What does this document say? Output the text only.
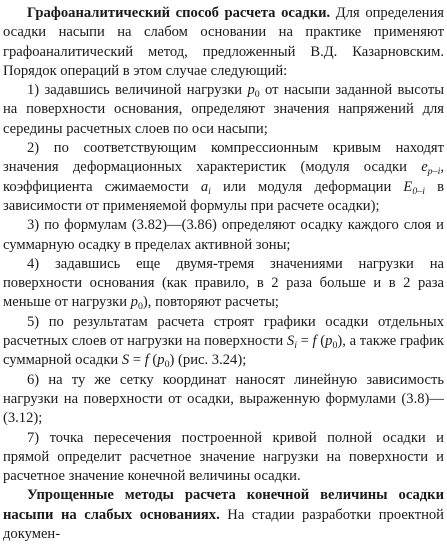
Графоаналитический способ расчета осадки. Для определения осадки насыпи на слабом основании на практике применяют графоаналитический метод, предложенный В.Д. Казарновским. Порядок операций в этом случае следующий:

1) задавшись величиной нагрузки $p_0$ от насыпи заданной высоты на поверхности основания, определяют значения напряжений для середины расчетных слоев по оси насыпи;

2) по соответствующим компрессионным кривым находят значения деформационных характеристик (модуля осадки $e_{p-i}$, коэффициента сжимаемости $a_i$ или модуля деформации $E_{0-i}$ в зависимости от применяемой формулы при расчете осадки);

3) по формулам (3.82)—(3.86) определяют осадку каждого слоя и суммарную осадку в пределах активной зоны;

4) задавшись еще двумя-тремя значениями нагрузки на поверхности основания (как правило, в 2 раза больше и в 2 раза меньше от нагрузки $p_0$), повторяют расчеты;

5) по результатам расчета строят графики осадки отдельных расчетных слоев от нагрузки на поверхности $S_i = f$ $(p_0)$, а также график суммарной осадки S = f $(p_0)$ (рис. 3.24);

6) на ту же сетку координат наносят линейную зависимость нагрузки на поверхности от осадки, выраженную формулами (3.8)—(3.12);

7) точка пересечения построенной кривой полной осадки и прямой определит расчетное значение нагрузки на поверхности и расчетное значение конечной величины осадки.

Упрощенные методы расчета конечной величины осадки насыпи на слабых основаниях. На стадии разработки проектной докумен-
